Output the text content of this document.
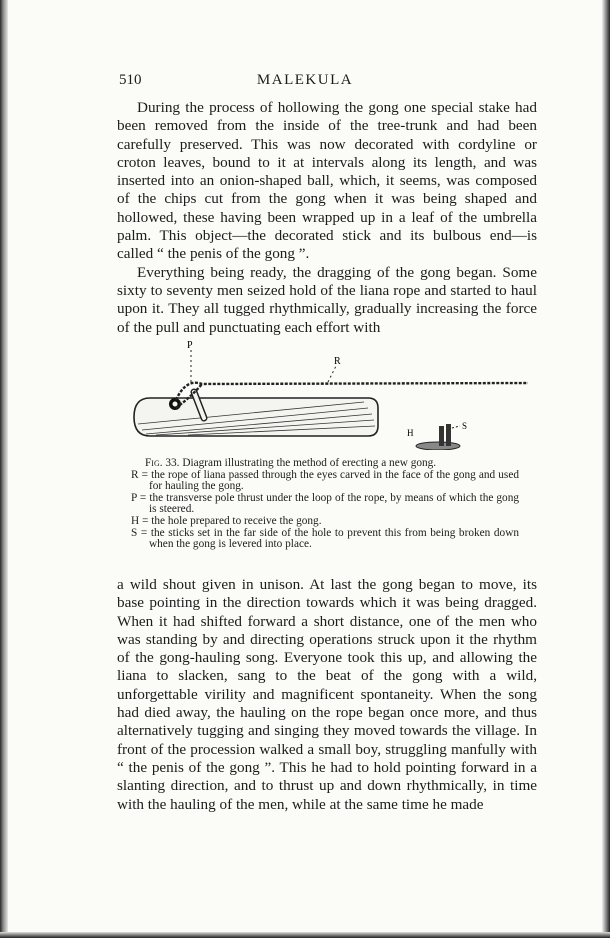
510	MALEKULA

During the process of hollowing the gong one special stake had been removed from the inside of the tree-trunk and had been carefully preserved. This was now decorated with cordyline or croton leaves, bound to it at intervals along its length, and was inserted into an onion-shaped ball, which, it seems, was composed of the chips cut from the gong when it was being shaped and hollowed, these having been wrapped up in a leaf of the umbrella palm. This object—the decorated stick and its bulbous end—is called “ the penis of the gong ”.

Everything being ready, the dragging of the gong began. Some sixty to seventy men seized hold of the liana rope and started to haul upon it. They all tugged rhythmically, gradually increasing the force of the pull and punctuating each effort with

P
R
H
S
Fig. 33. Diagram illustrating the method of erecting a new gong.
R = the rope of liana passed through the eyes carved in the face of the gong and used for hauling the gong.
P = the transverse pole thrust under the loop of the rope, by means of which the gong is steered.
H = the hole prepared to receive the gong.
S = the sticks set in the far side of the hole to prevent this from being broken down when the gong is levered into place.

a wild shout given in unison. At last the gong began to move, its base pointing in the direction towards which it was being dragged. When it had shifted forward a short distance, one of the men who was standing by and directing operations struck upon it the rhythm of the gong-hauling song. Everyone took this up, and allowing the liana to slacken, sang to the beat of the gong with a wild, unforgettable virility and magnificent spontaneity. When the song had died away, the hauling on the rope began once more, and thus alternatively tugging and singing they moved towards the village. In front of the procession walked a small boy, struggling manfully with “ the penis of the gong ”. This he had to hold pointing forward in a slanting direction, and to thrust up and down rhythmically, in time with the hauling of the men, while at the same time he made
